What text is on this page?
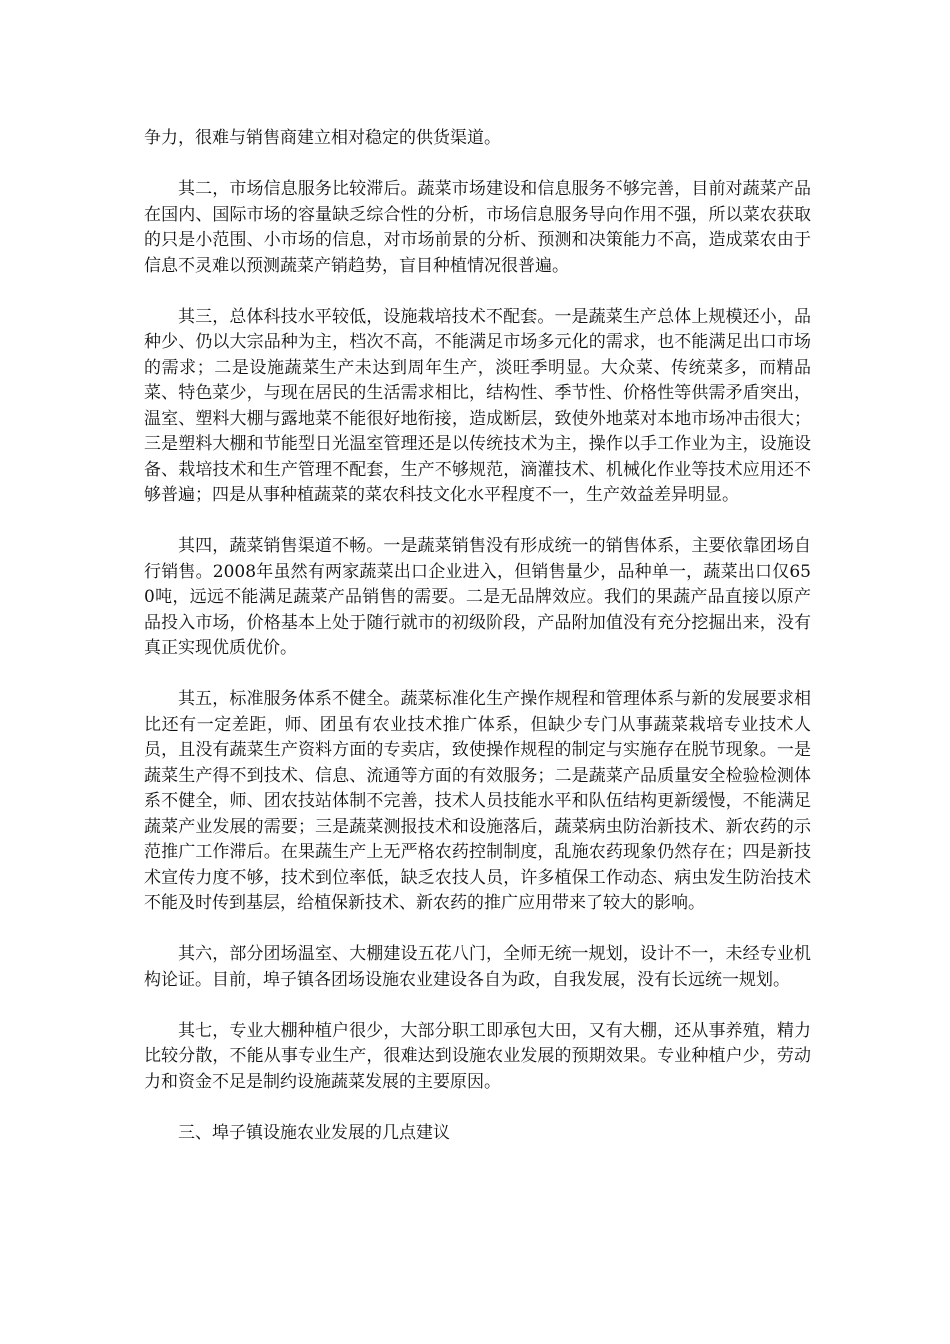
争力，很难与销售商建立相对稳定的供货渠道。

其二，市场信息服务比较滞后。蔬菜市场建设和信息服务不够完善，目前对蔬菜产品在国内、国际市场的容量缺乏综合性的分析，市场信息服务导向作用不强，所以菜农获取的只是小范围、小市场的信息，对市场前景的分析、预测和决策能力不高，造成菜农由于信息不灵难以预测蔬菜产销趋势，盲目种植情况很普遍。

其三，总体科技水平较低，设施栽培技术不配套。一是蔬菜生产总体上规模还小，品种少、仍以大宗品种为主，档次不高，不能满足市场多元化的需求，也不能满足出口市场的需求；二是设施蔬菜生产未达到周年生产，淡旺季明显。大众菜、传统菜多，而精品菜、特色菜少，与现在居民的生活需求相比，结构性、季节性、价格性等供需矛盾突出，温室、塑料大棚与露地菜不能很好地衔接，造成断层，致使外地菜对本地市场冲击很大；三是塑料大棚和节能型日光温室管理还是以传统技术为主，操作以手工作业为主，设施设备、栽培技术和生产管理不配套，生产不够规范，滴灌技术、机械化作业等技术应用还不够普遍；四是从事种植蔬菜的菜农科技文化水平程度不一，生产效益差异明显。

其四，蔬菜销售渠道不畅。一是蔬菜销售没有形成统一的销售体系，主要依靠团场自行销售。2008年虽然有两家蔬菜出口企业进入，但销售量少，品种单一，蔬菜出口仅650吨，远远不能满足蔬菜产品销售的需要。二是无品牌效应。我们的果蔬产品直接以原产品投入市场，价格基本上处于随行就市的初级阶段，产品附加值没有充分挖掘出来，没有真正实现优质优价。

其五，标准服务体系不健全。蔬菜标准化生产操作规程和管理体系与新的发展要求相比还有一定差距，师、团虽有农业技术推广体系，但缺少专门从事蔬菜栽培专业技术人员，且没有蔬菜生产资料方面的专卖店，致使操作规程的制定与实施存在脱节现象。一是蔬菜生产得不到技术、信息、流通等方面的有效服务；二是蔬菜产品质量安全检验检测体系不健全，师、团农技站体制不完善，技术人员技能水平和队伍结构更新缓慢，不能满足蔬菜产业发展的需要；三是蔬菜测报技术和设施落后，蔬菜病虫防治新技术、新农药的示范推广工作滞后。在果蔬生产上无严格农药控制制度，乱施农药现象仍然存在；四是新技术宣传力度不够，技术到位率低，缺乏农技人员，许多植保工作动态、病虫发生防治技术不能及时传到基层，给植保新技术、新农药的推广应用带来了较大的影响。

其六，部分团场温室、大棚建设五花八门，全师无统一规划，设计不一，未经专业机构论证。目前，埠子镇各团场设施农业建设各自为政，自我发展，没有长远统一规划。

其七，专业大棚种植户很少，大部分职工即承包大田，又有大棚，还从事养殖，精力比较分散，不能从事专业生产，很难达到设施农业发展的预期效果。专业种植户少，劳动力和资金不足是制约设施蔬菜发展的主要原因。

三、埠子镇设施农业发展的几点建议
